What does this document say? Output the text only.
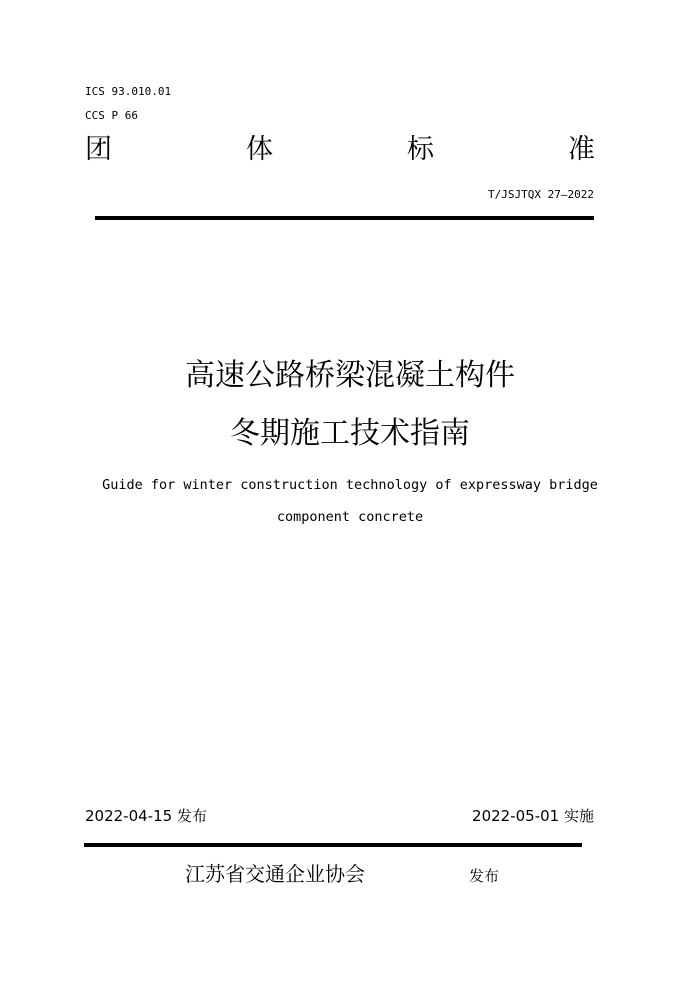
ICS 93.010.01
CCS P 66
团	体	标	准
T/JSJTQX 27—2022
高速公路桥梁混凝土构件
冬期施工技术指南
Guide for winter construction technology of expressway bridge
component concrete
2022-04-15 发布	2022-05-01 实施
江苏省交通企业协会	发布
